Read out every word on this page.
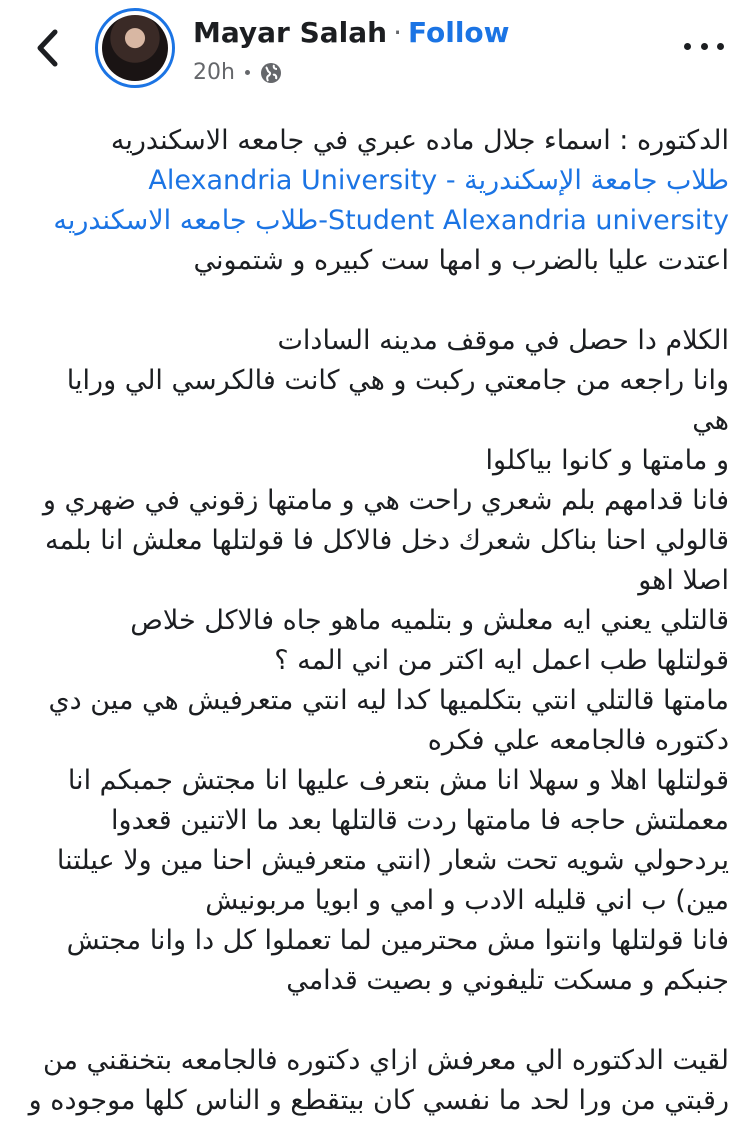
Mayar Salah · Follow
20h

الدكتوره : اسماء جلال ماده عبري في جامعه الاسكندريه

طلاب جامعة الإسكندرية - Alexandria University

Student Alexandria university-طلاب جامعه الاسكندريه

اعتدت عليا بالضرب و امها ست كبيره و شتموني

الكلام دا حصل في موقف مدينه السادات

وانا راجعه من جامعتي ركبت و هي كانت فالكرسي الي ورايا هي

و مامتها و كانوا بياكلوا

فانا قدامهم بلم شعري راحت هي و مامتها زقوني في ضهري و

قالولي احنا بناكل شعرك دخل فالاكل فا قولتلها معلش انا بلمه

اصلا اهو

قالتلي يعني ايه معلش و بتلميه ماهو جاه فالاكل خلاص

قولتلها طب اعمل ايه اكتر من اني المه ؟

مامتها قالتلي انتي بتكلميها كدا ليه انتي متعرفيش هي مين دي

دكتوره فالجامعه علي فكره

قولتلها اهلا و سهلا انا مش بتعرف عليها انا مجتش جمبكم انا

معملتش حاجه فا مامتها ردت قالتلها بعد ما الاتنين قعدوا

يردحولي شويه تحت شعار (انتي متعرفيش احنا مين ولا عيلتنا

مين) ب اني قليله الادب و امي و ابويا مربونيش

فانا قولتلها وانتوا مش محترمين لما تعملوا كل دا وانا مجتش

جنبكم و مسكت تليفوني و بصيت قدامي

لقيت الدكتوره الي معرفش ازاي دكتوره فالجامعه بتخنقني من

رقبتي من ورا لحد ما نفسي كان بيتقطع و الناس كلها موجوده و
